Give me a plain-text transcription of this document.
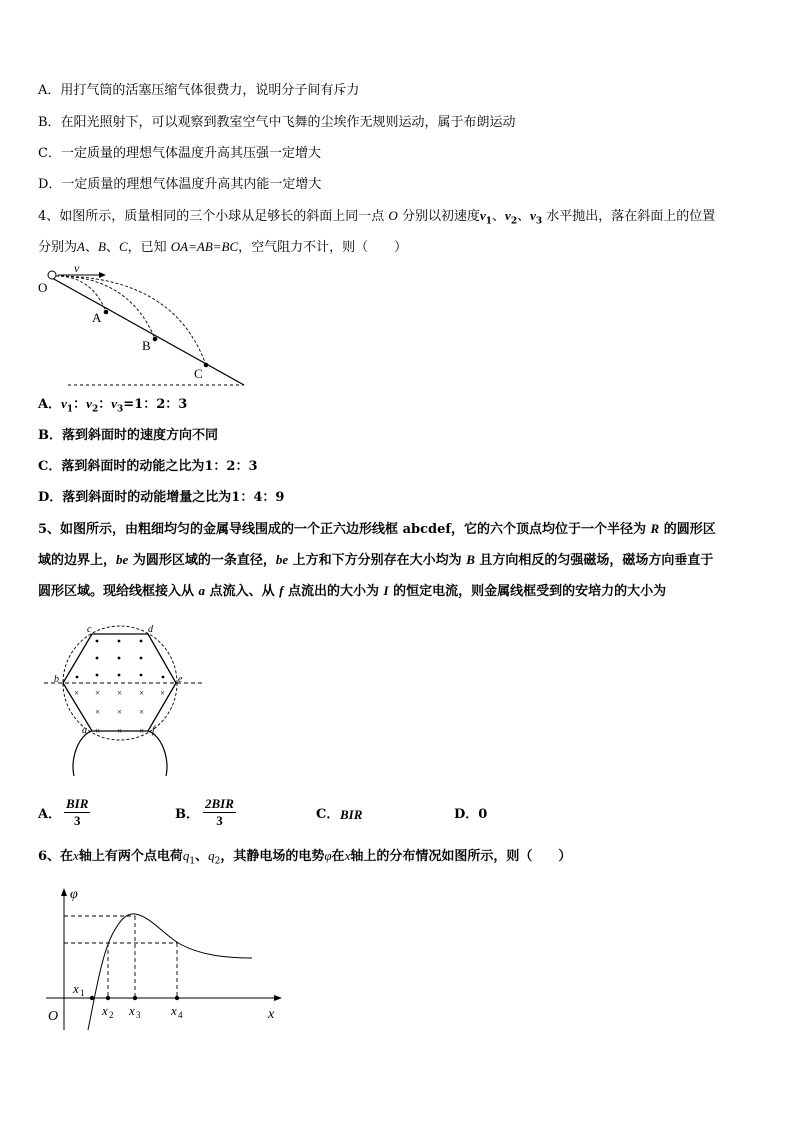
A．用打气筒的活塞压缩气体很费力，说明分子间有斥力
B．在阳光照射下，可以观察到教室空气中飞舞的尘埃作无规则运动，属于布朗运动
C．一定质量的理想气体温度升高其压强一定增大
D．一定质量的理想气体温度升高其内能一定增大
4、如图所示，质量相同的三个小球从足够长的斜面上同一点 O 分别以初速度$v_1$、$v_2$、$v_3$ 水平抛出，落在斜面上的位置
分别为A、B、C，已知 OA=AB=BC，空气阻力不计，则（　　）
v
O
A
B
C
A．$v_1$：$v_2$：$v_3=1$：2：3
B．落到斜面时的速度方向不同
C．落到斜面时的动能之比为1：2：3
D．落到斜面时的动能增量之比为1：4：9
5、如图所示，由粗细均匀的金属导线围成的一个正六边形线框 abcdef，它的六个顶点均位于一个半径为 R 的圆形区
域的边界上，be 为圆形区域的一条直径，be 上方和下方分别存在大小均为 B 且方向相反的匀强磁场，磁场方向垂直于
圆形区域。现给线框接入从 a 点流入、从 f 点流出的大小为 I 的恒定电流，则金属线框受到的安培力的大小为
× × × × ×
× × ×
× × ×
c	d
b	e
a	f
A．
BIR
3	B．
2BIR
3	C． BIR	D．0
6、在x轴上有两个点电荷$q_1$、$q_2$，其静电场的电势φ在x轴上的分布情况如图所示，则（　　）
φ
O	x
x 1
x 2 x 3 x 4
